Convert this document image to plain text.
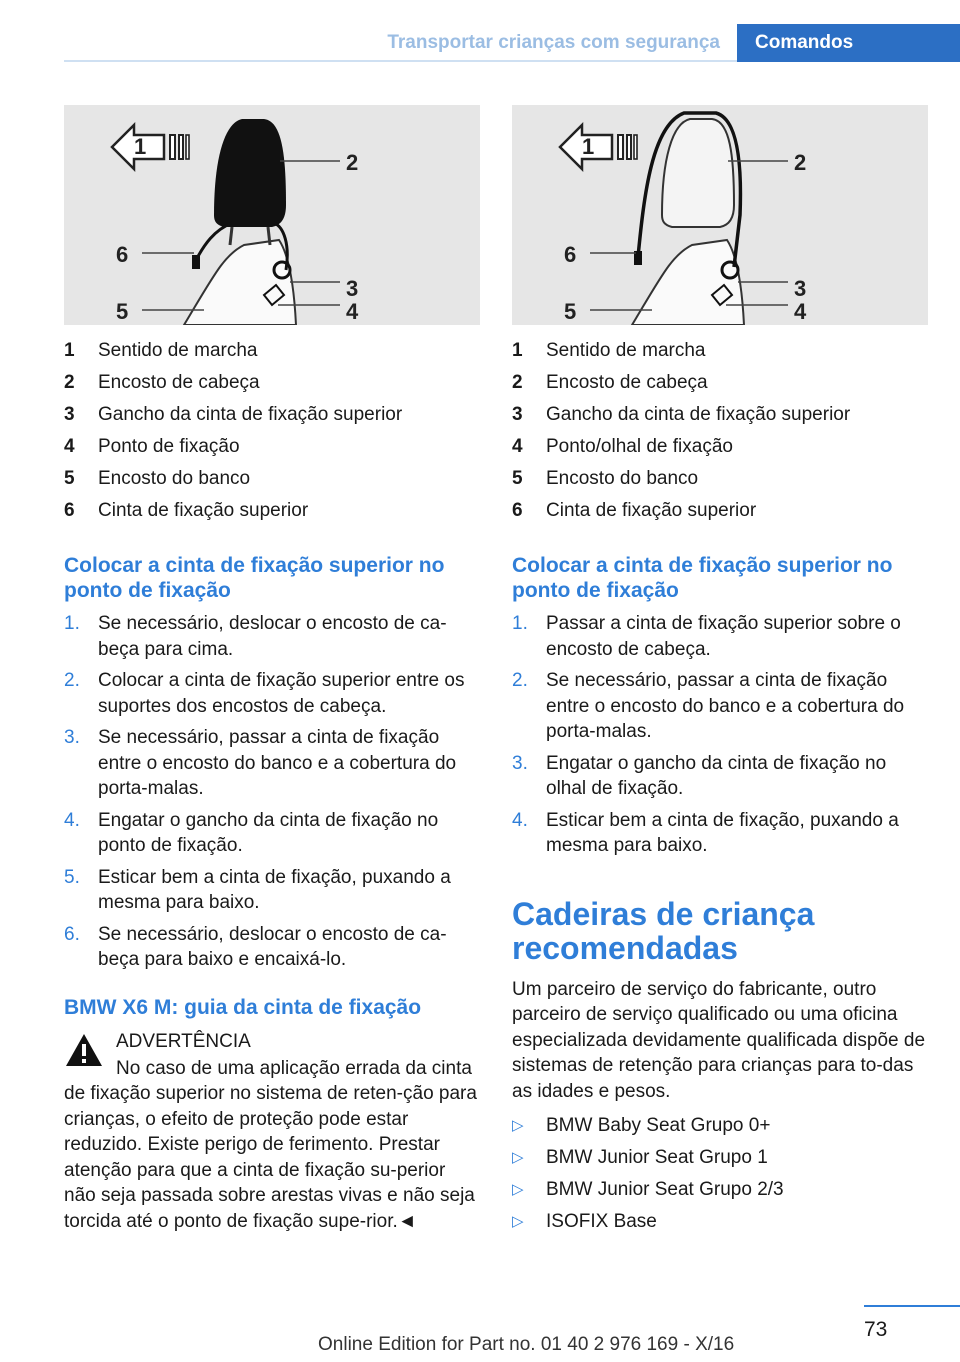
Transportar crianças com segurança	Comandos
1
2
6
3
4
5
1
2
6
3
4
5
1	Sentido de marcha
2	Encosto de cabeça
3	Gancho da cinta de fixação superior
4	Ponto de fixação
5	Encosto do banco
6	Cinta de fixação superior
Colocar a cinta de fixação superior no ponto de fixação
1. Se necessário, deslocar o encosto de ca‐beça para cima.
2. Colocar a cinta de fixação superior entre os suportes dos encostos de cabeça.
3. Se necessário, passar a cinta de fixação entre o encosto do banco e a cobertura do porta-malas.
4. Engatar o gancho da cinta de fixação no ponto de fixação.
5. Esticar bem a cinta de fixação, puxando a mesma para baixo.
6. Se necessário, deslocar o encosto de ca‐beça para baixo e encaixá-lo.
BMW X6 M: guia da cinta de fixação
ADVERTÊNCIA

No caso de uma aplicação errada da cinta de fixação superior no sistema de reten‐ção para crianças, o efeito de proteção pode estar reduzido. Existe perigo de ferimento. Prestar atenção para que a cinta de fixação su‐perior não seja passada sobre arestas vivas e não seja torcida até o ponto de fixação supe‐rior.◄

1	Sentido de marcha
2	Encosto de cabeça
3	Gancho da cinta de fixação superior
4	Ponto/olhal de fixação
5	Encosto do banco
6	Cinta de fixação superior
Colocar a cinta de fixação superior no ponto de fixação
1. Passar a cinta de fixação superior sobre o encosto de cabeça.
2. Se necessário, passar a cinta de fixação entre o encosto do banco e a cobertura do porta-malas.
3. Engatar o gancho da cinta de fixação no olhal de fixação.
4. Esticar bem a cinta de fixação, puxando a mesma para baixo.
Cadeiras de criança recomendadas

Um parceiro de serviço do fabricante, outro parceiro de serviço qualificado ou uma oficina especializada devidamente qualificada dispõe de sistemas de retenção para crianças para to‐das as idades e pesos.

▷	BMW Baby Seat Grupo 0+
▷	BMW Junior Seat Grupo 1
▷	BMW Junior Seat Grupo 2/3
▷	ISOFIX Base
73
Online Edition for Part no. 01 40 2 976 169 - X/16
